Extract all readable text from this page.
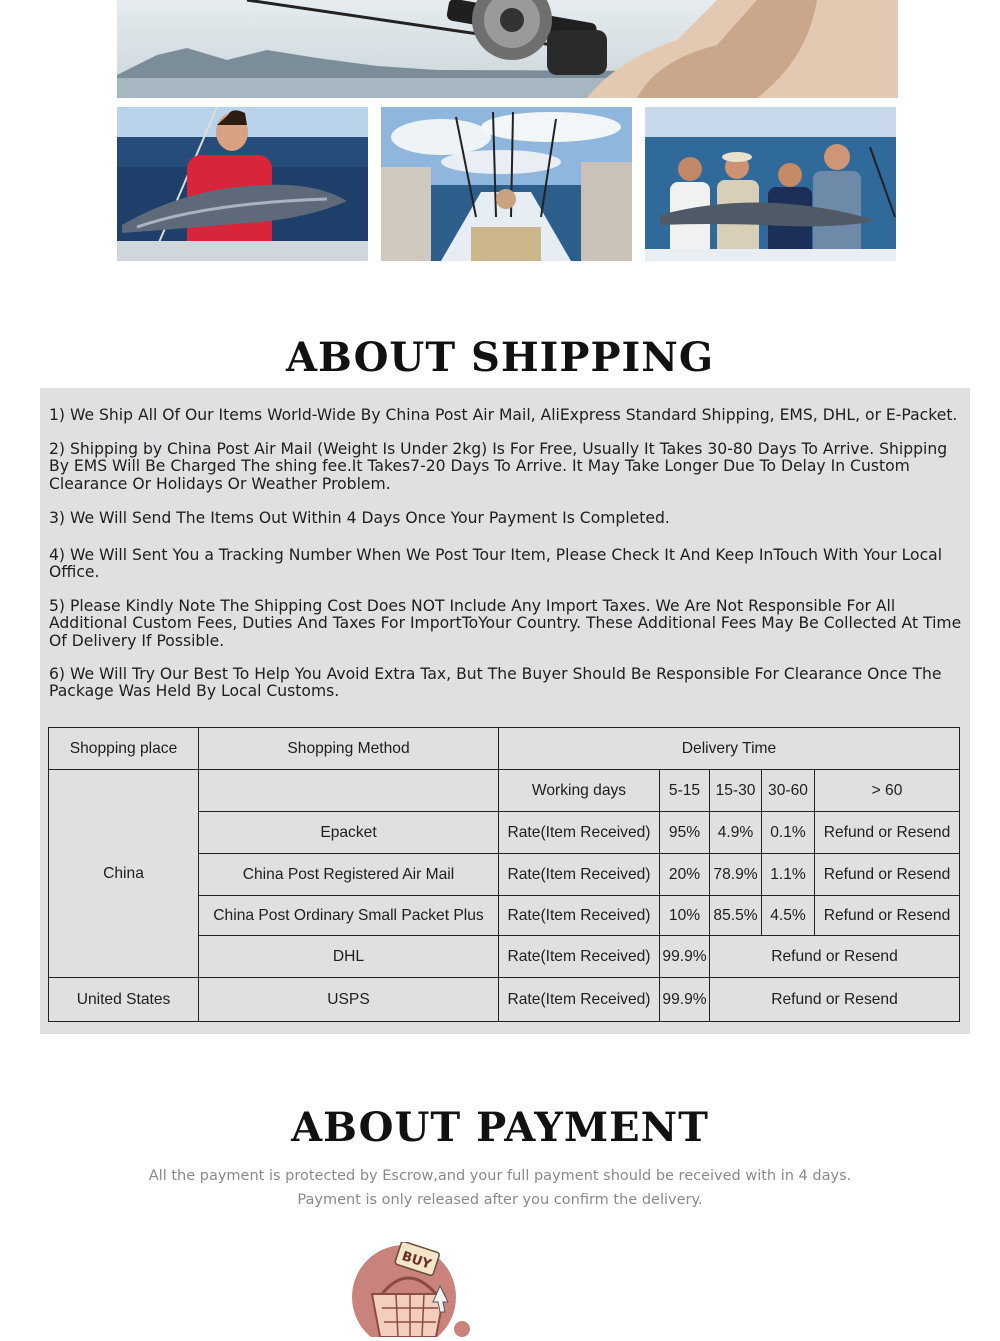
ABOUT SHIPPING

1) We Ship All Of Our Items World-Wide By China Post Air Mail, AliExpress Standard Shipping, EMS, DHL, or E-Packet.

2) Shipping by China Post Air Mail (Weight Is Under 2kg) Is For Free, Usually It Takes 30-80 Days To Arrive. Shipping By EMS Will Be Charged The shing fee.It Takes7-20 Days To Arrive. It May Take Longer Due To Delay In Custom Clearance Or Holidays Or Weather Problem.

3) We Will Send The Items Out Within 4 Days Once Your Payment Is Completed.

4) We Will Sent You a Tracking Number When We Post Tour Item, Please Check It And Keep InTouch With Your Local Office.

5) Please Kindly Note The Shipping Cost Does NOT Include Any Import Taxes. We Are Not Responsible For All Additional Custom Fees, Duties And Taxes For ImportToYour Country. These Additional Fees May Be Collected At Time Of Delivery If Possible.

6) We Will Try Our Best To Help You Avoid Extra Tax, But The Buyer Should Be Responsible For Clearance Once The Package Was Held By Local Customs.

Shopping place	Shopping Method	Delivery Time				
China		Working days	5-15	15-30	30-60	> 60
	Epacket	Rate(Item Received)	95%	4.9%	0.1%	Refund or Resend
	China Post Registered Air Mail	Rate(Item Received)	20%	78.9%	1.1%	Refund or Resend
	China Post Ordinary Small Packet Plus	Rate(Item Received)	10%	85.5%	4.5%	Refund or Resend
	DHL	Rate(Item Received)	99.9%	Refund or Resend		
United States	USPS	Rate(Item Received)	99.9%	Refund or Resend		
ABOUT PAYMENT
All the payment is protected by Escrow,and your full payment should be received with in 4 days.
Payment is only released after you confirm the delivery.
BUY
